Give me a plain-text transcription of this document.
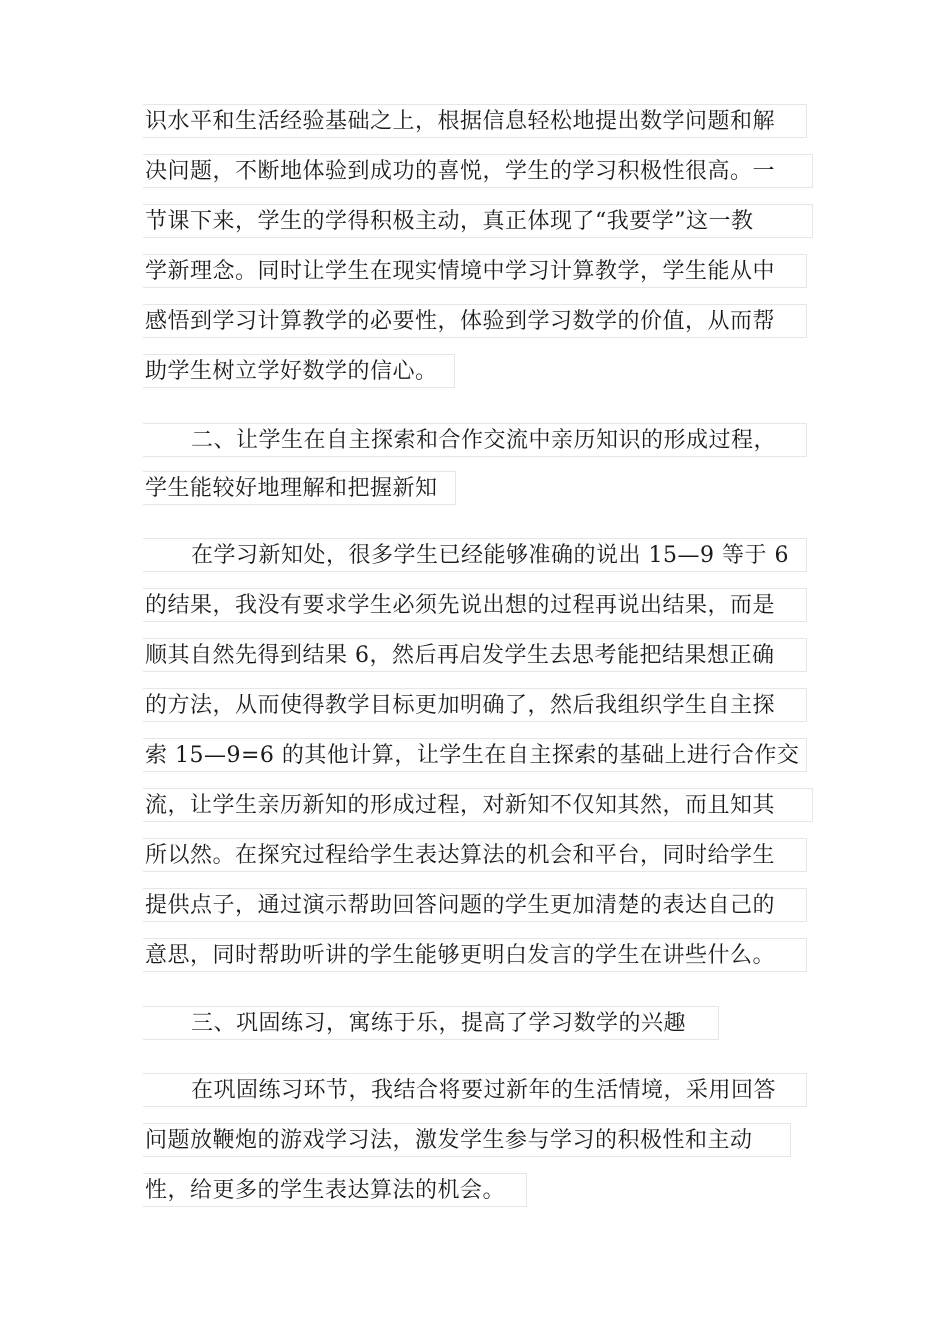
识水平和生活经验基础之上，根据信息轻松地提出数学问题和解
决问题，不断地体验到成功的喜悦，学生的学习积极性很高。一
节课下来，学生的学得积极主动，真正体现了“我要学”这一教
学新理念。同时让学生在现实情境中学习计算教学，学生能从中
感悟到学习计算教学的必要性，体验到学习数学的价值，从而帮
助学生树立学好数学的信心。
二、让学生在自主探索和合作交流中亲历知识的形成过程，
学生能较好地理解和把握新知
在学习新知处，很多学生已经能够准确的说出 15—9 等于 6
的结果，我没有要求学生必须先说出想的过程再说出结果，而是
顺其自然先得到结果 6，然后再启发学生去思考能把结果想正确
的方法，从而使得教学目标更加明确了，然后我组织学生自主探
索 15—9=6 的其他计算，让学生在自主探索的基础上进行合作交
流，让学生亲历新知的形成过程，对新知不仅知其然，而且知其
所以然。在探究过程给学生表达算法的机会和平台，同时给学生
提供点子，通过演示帮助回答问题的学生更加清楚的表达自己的
意思，同时帮助听讲的学生能够更明白发言的学生在讲些什么。
三、巩固练习，寓练于乐，提高了学习数学的兴趣
在巩固练习环节，我结合将要过新年的生活情境，采用回答
问题放鞭炮的游戏学习法，激发学生参与学习的积极性和主动
性，给更多的学生表达算法的机会。
